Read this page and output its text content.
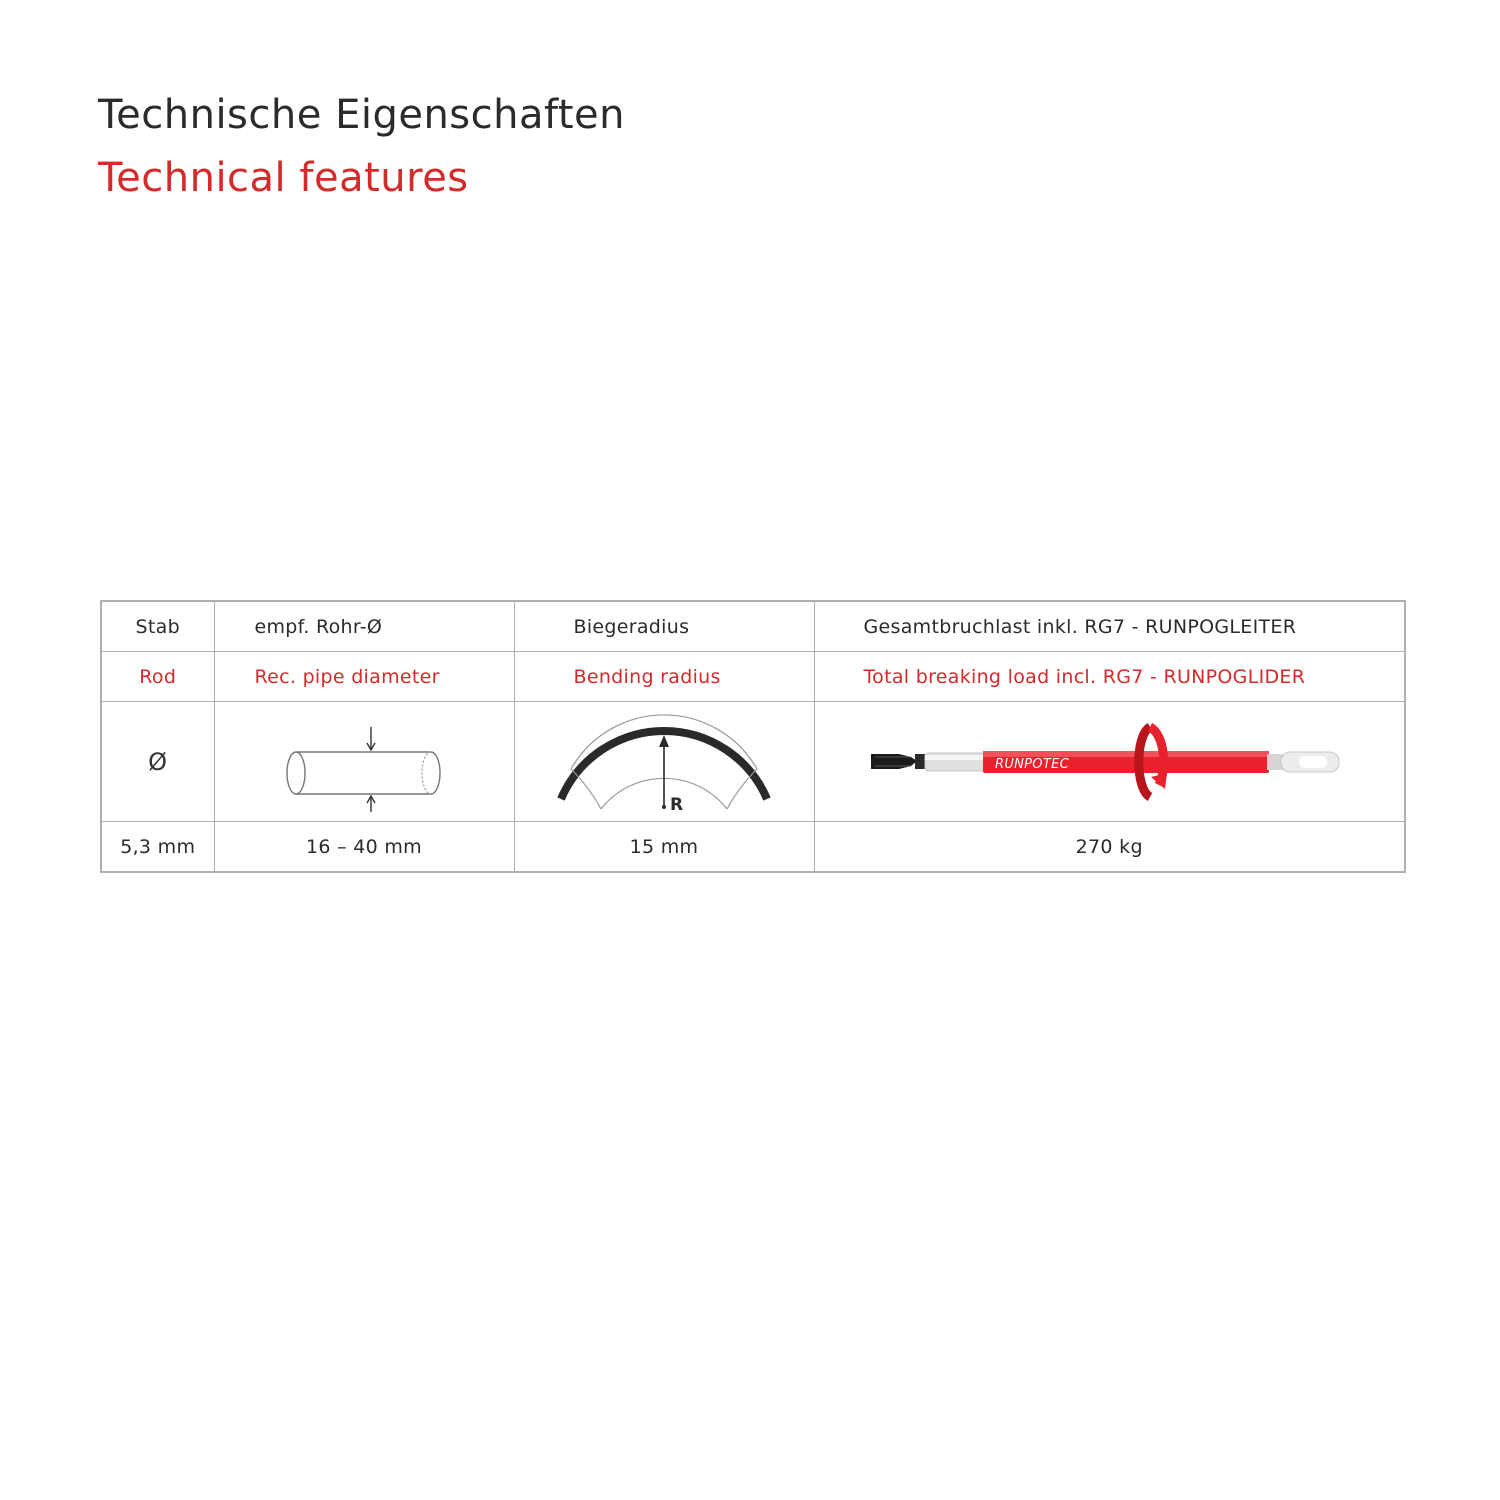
Technische Eigenschaften
Technical features
Stab	empf. Rohr-Ø	Biegeradius	Gesamtbruchlast inkl. RG7 - RUNPOGLEITER
Rod	Rec. pipe diameter	Bending radius	Total breaking load incl. RG7 - RUNPOGLIDER
Ø		R	RUNPOTEC

5,3 mm	16 – 40 mm	15 mm	270 kg
